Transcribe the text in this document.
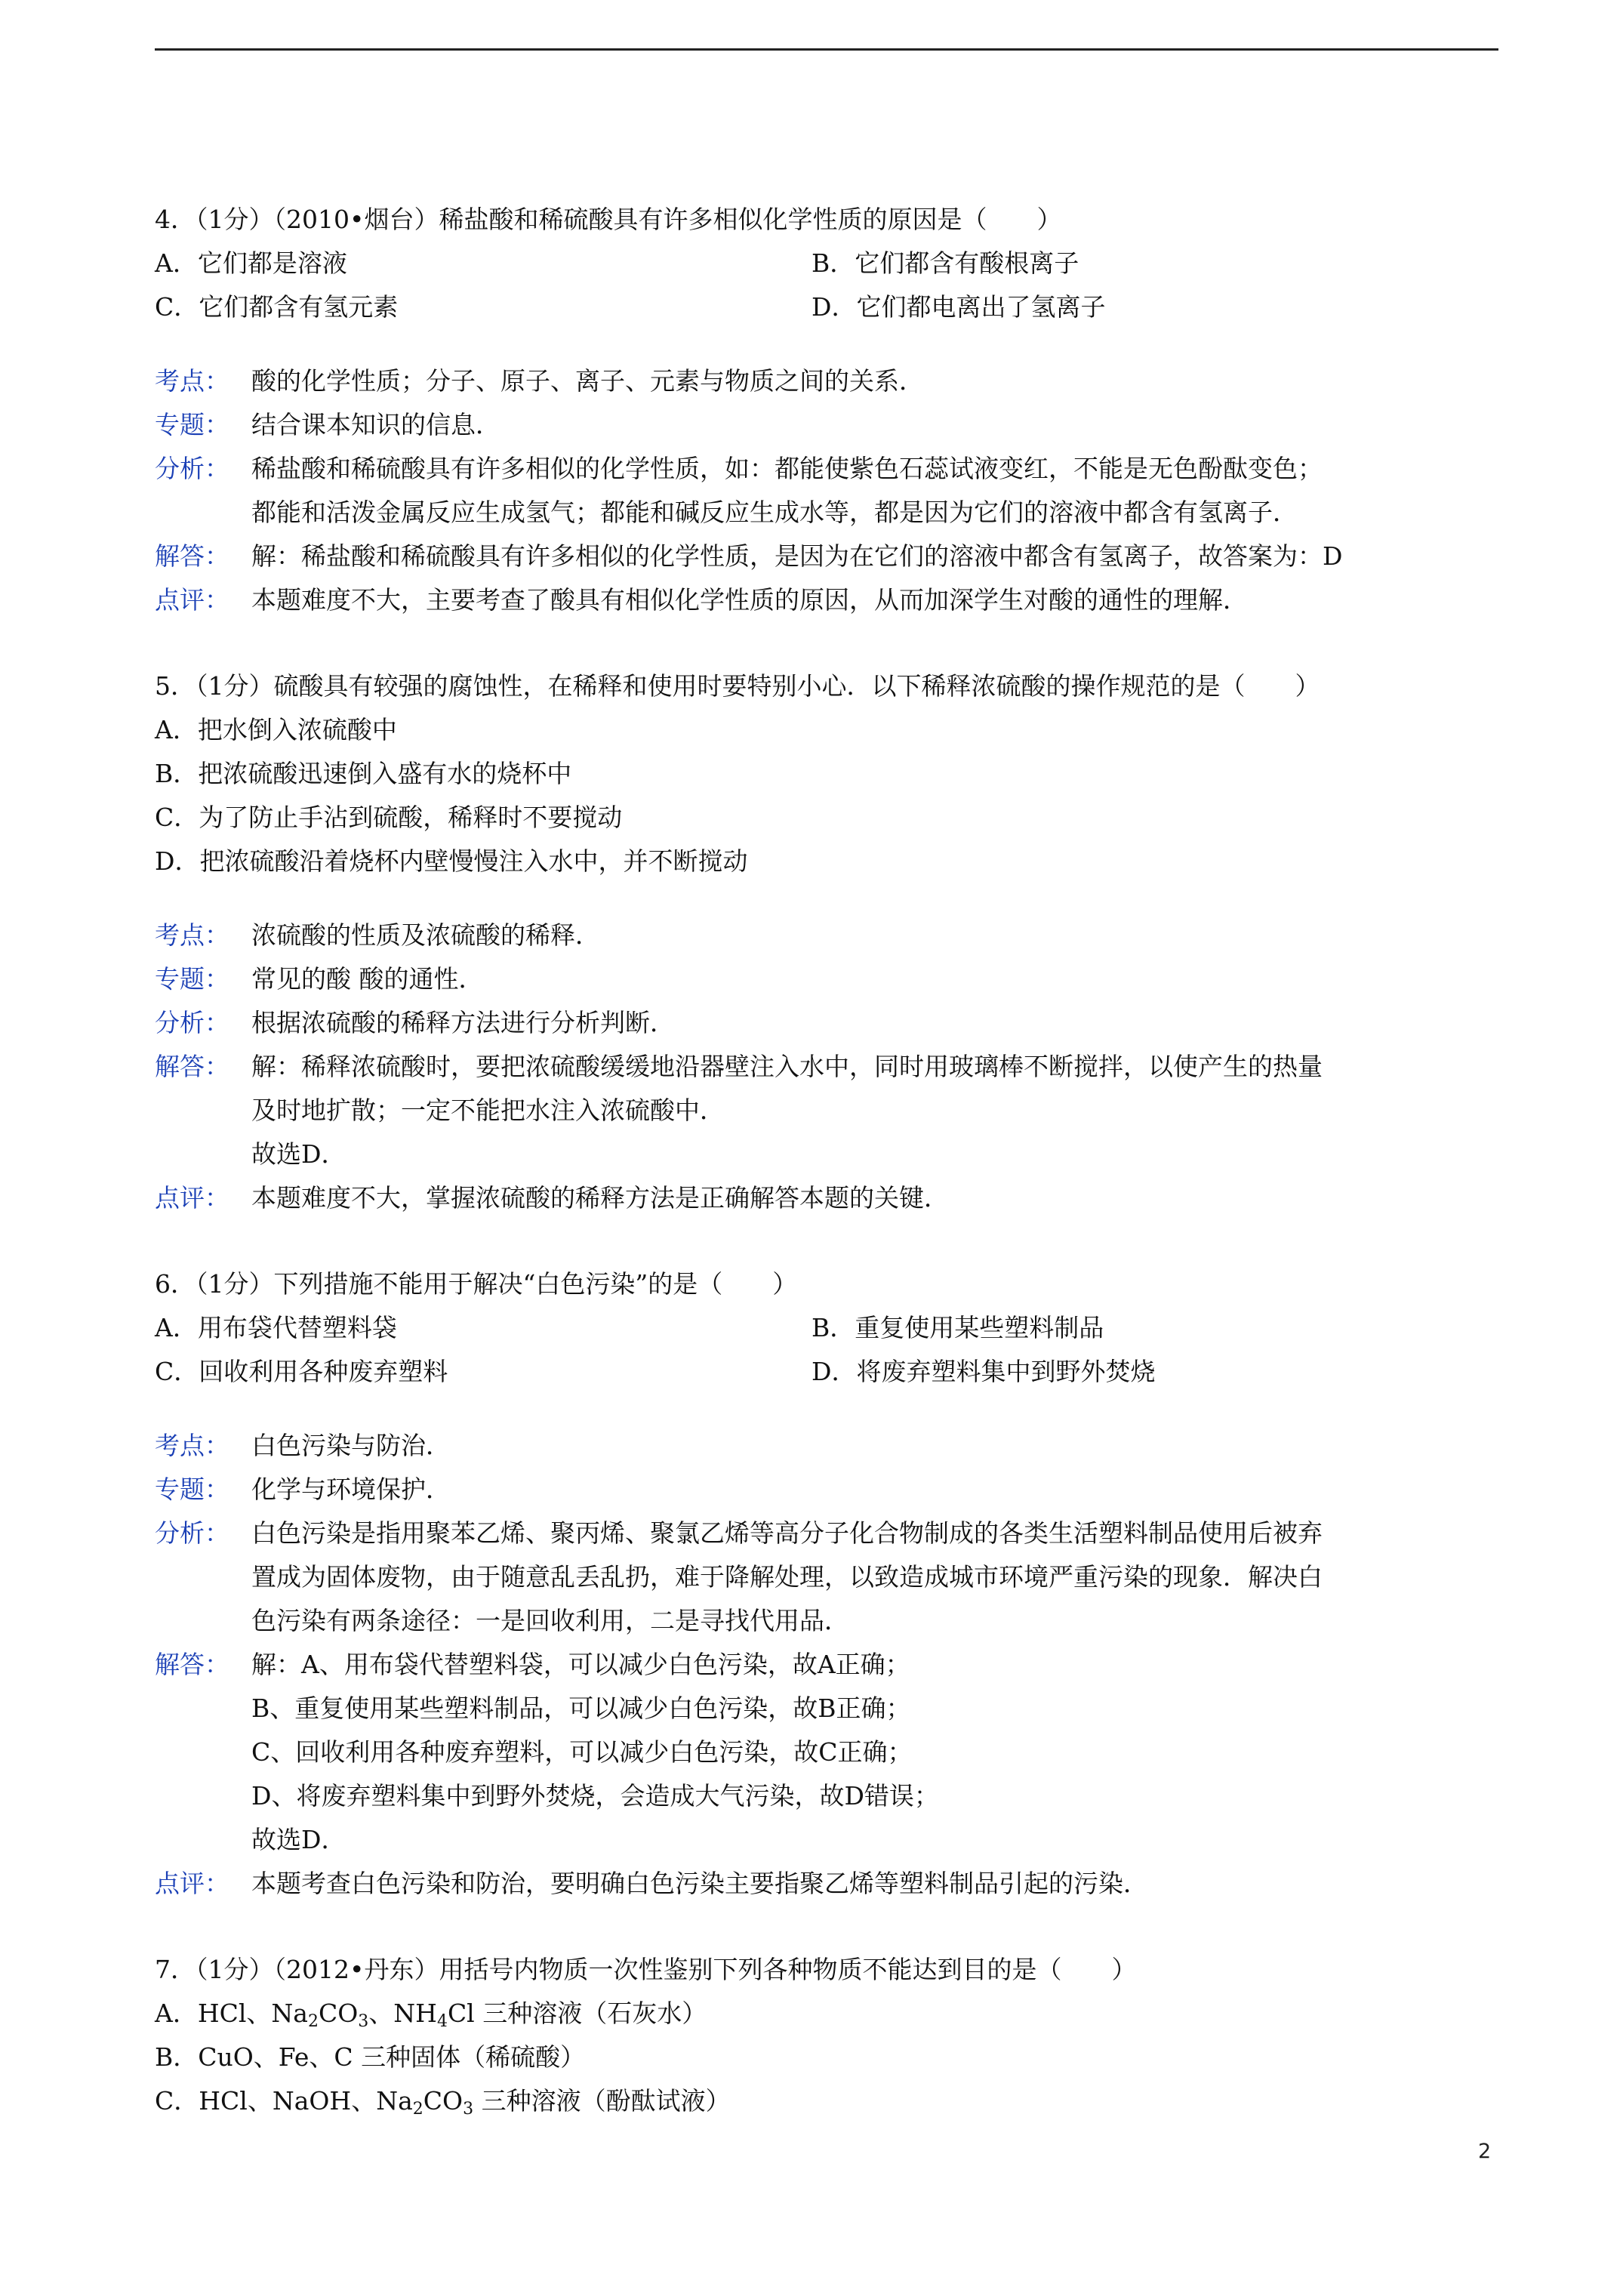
4．（1分）（2010•烟台）稀盐酸和稀硫酸具有许多相似化学性质的原因是（　　）
A．它们都是溶液	B．它们都含有酸根离子
C．它们都含有氢元素	D．它们都电离出了氢离子
考点： 酸的化学性质；分子、原子、离子、元素与物质之间的关系．
专题： 结合课本知识的信息．
分析： 稀盐酸和稀硫酸具有许多相似的化学性质，如：都能使紫色石蕊试液变红，不能是无色酚酞变色；
都能和活泼金属反应生成氢气；都能和碱反应生成水等，都是因为它们的溶液中都含有氢离子．
解答： 解：稀盐酸和稀硫酸具有许多相似的化学性质，是因为在它们的溶液中都含有氢离子，故答案为：D
点评： 本题难度不大，主要考查了酸具有相似化学性质的原因，从而加深学生对酸的通性的理解．
5．（1分）硫酸具有较强的腐蚀性，在稀释和使用时要特别小心．以下稀释浓硫酸的操作规范的是（　　）
A．把水倒入浓硫酸中
B．把浓硫酸迅速倒入盛有水的烧杯中
C．为了防止手沾到硫酸，稀释时不要搅动
D．把浓硫酸沿着烧杯内壁慢慢注入水中，并不断搅动
考点： 浓硫酸的性质及浓硫酸的稀释．
专题： 常见的酸 酸的通性．
分析： 根据浓硫酸的稀释方法进行分析判断．
解答： 解：稀释浓硫酸时，要把浓硫酸缓缓地沿器壁注入水中，同时用玻璃棒不断搅拌，以使产生的热量
及时地扩散；一定不能把水注入浓硫酸中．
故选D．
点评： 本题难度不大，掌握浓硫酸的稀释方法是正确解答本题的关键．
6．（1分）下列措施不能用于解决“白色污染”的是（　　）
A．用布袋代替塑料袋	B．重复使用某些塑料制品
C．回收利用各种废弃塑料	D．将废弃塑料集中到野外焚烧
考点： 白色污染与防治．
专题： 化学与环境保护．
分析： 白色污染是指用聚苯乙烯、聚丙烯、聚氯乙烯等高分子化合物制成的各类生活塑料制品使用后被弃
置成为固体废物，由于随意乱丢乱扔，难于降解处理，以致造成城市环境严重污染的现象．解决白
色污染有两条途径：一是回收利用，二是寻找代用品．
解答： 解：A、用布袋代替塑料袋，可以减少白色污染，故A正确；
B、重复使用某些塑料制品，可以减少白色污染，故B正确；
C、回收利用各种废弃塑料，可以减少白色污染，故C正确；
D、将废弃塑料集中到野外焚烧，会造成大气污染，故D错误；
故选D．
点评： 本题考查白色污染和防治，要明确白色污染主要指聚乙烯等塑料制品引起的污染．
7．（1分）（2012•丹东）用括号内物质一次性鉴别下列各种物质不能达到目的是（　　）
A．HCl、$Na_2CO_3$、$NH_4Cl$ 三种溶液（石灰水）
B．CuO、Fe、C 三种固体（稀硫酸）
C．HCl、NaOH、$Na_2CO_3$ 三种溶液（酚酞试液）
2
